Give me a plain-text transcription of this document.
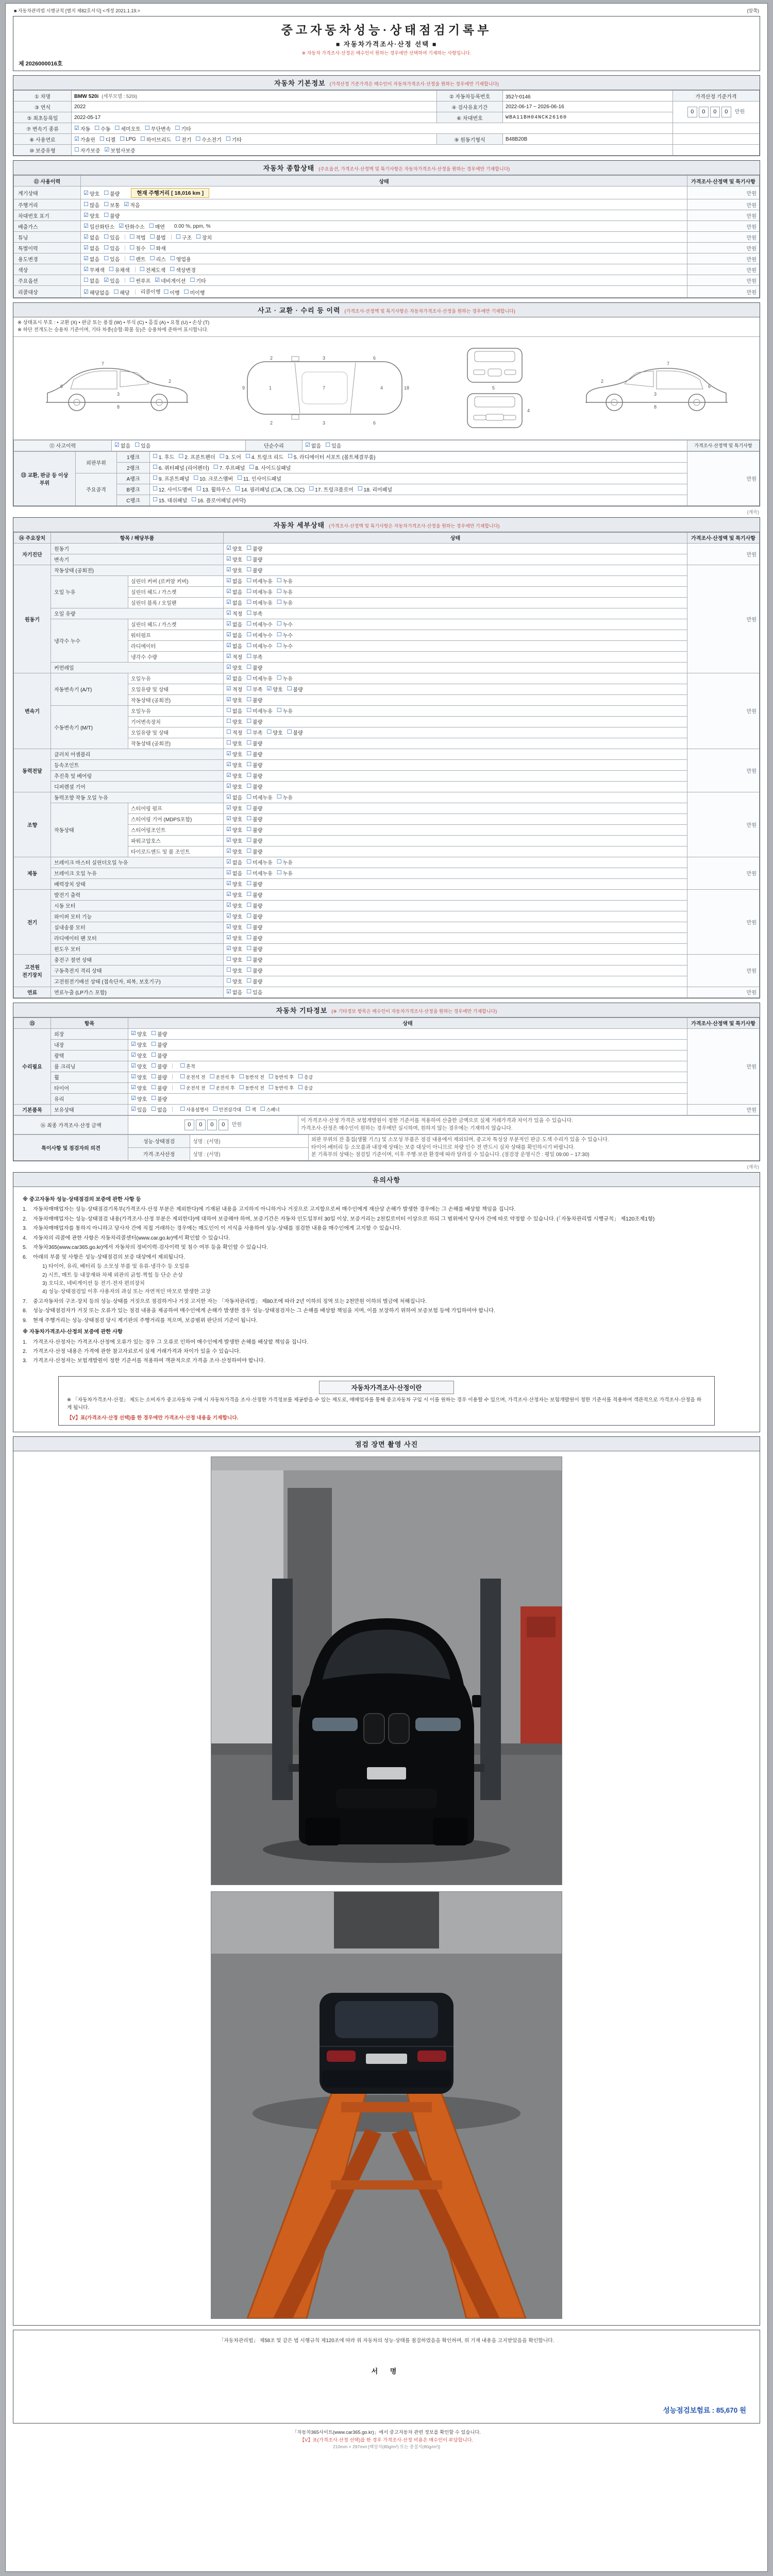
■ 자동차관리법 시행규칙 [별지 제82호서식] <개정 2021.1.19.>	(앞쪽)
중고자동차성능·상태점검기록부
■ 자동차가격조사·산정 선택 ■
※ 자동차 가격조사·산정은 매수인이 원하는 경우에만 선택하여 기재하는 사항입니다.
제 2026000016호
자동차 기본정보 (가격산정 기준가격은 매수인이 자동차가격조사·산정을 원하는 경우에만 기재합니다)
① 차명	BMW 520i (세부모델 : 520i)	② 자동차등록번호	352누0146	가격산정 기준가격
③ 연식	2022	④ 검사유효기간	2022-06-17 ~ 2026-06-16	0 0 0 0 만원
⑤ 최초등록일	2022-05-17	⑥ 차대번호	WBA11BH04NCK26160	
⑦ 변속기 종류	☑ 자동 ☐ 수동 ☐ 세미오토 ☐ 무단변속 ☐ 기타

⑧ 사용연료	☑ 가솔린 ☐ 디젤 ☐ LPG ☐ 하이브리드 ☐ 전기 ☐ 수소전기 ☐ 기타	⑨ 원동기형식	B48B20B	
⑩ 보증유형	☐ 자가보증 ☑ 보험사보증			

자동차 종합상태 (주요옵션, 가격조사·산정액 및 특기사항은 자동차가격조사·산정을 원하는 경우에만 기재합니다)
⑪ 사용이력	상태	가격조사·산정액 및 특기사항
계기상태	☑ 양호 ☐ 불량 현재 주행거리 [ 18,016 km ]	만원
주행거리	☐ 많음 ☐ 보통 ☑ 적음	만원
차대번호 표기	☑ 양호 ☐ 불량	만원
배출가스	☑ 일산화탄소 ☑ 탄화수소 ☐ 매연 0.00 %, ppm, %	만원
튜닝	☑ 없음 ☐ 있음 ☐ 적법 ☐ 불법 ☐ 구조 ☐ 장치	만원
특별이력	☑ 없음 ☐ 있음 ☐ 침수 ☐ 화재	만원
용도변경	☑ 없음 ☐ 있음 ☐ 렌트 ☐ 리스 ☐ 영업용	만원
색상	☑ 무채색 ☐ 유채색 ☐ 전체도색 ☐ 색상변경	만원
주요옵션	☐ 없음 ☑ 있음 ☐ 썬루프 ☑ 네비게이션 ☐ 기타	만원
리콜대상	☑ 해당없음 ☐ 해당 리콜이행 ☐ 이행 ☐ 미이행	만원
사고 · 교환 · 수리 등 이력 (가격조사·산정액 및 특기사항은 자동차가격조사·산정을 원하는 경우에만 기재합니다)
※ 상태표시 부호 : • 교환 (X) • 판금 또는 용접 (W) • 부식 (C) • 흠집 (A) • 요철 (U) • 손상 (T)
※ 하단 전개도는 승용차 기준이며, 기타 차종(승합·화물 등)은 승용차에 준하여 표시합니다.
7
6
3
2
8
1	7	4
2	3	6
2	3	6
9	18	5
4
7
6
3
2
8
⑫ 사고이력	☑ 없음 ☐ 있음	단순수리	☑ 없음 ☐ 있음	가격조사·산정액 및 특기사항
⑬ 교환, 판금 등 이상 부위	외판부위	1랭크	☐ 1. 후드 ☐ 2. 프론트펜더 ☐ 3. 도어 ☐ 4. 트렁크 리드 ☐ 5. 라디에이터 서포트 (볼트체결부품)
	만원
2랭크	☐ 6. 쿼터패널 (리어펜더) ☐ 7. 루프패널 ☐ 8. 사이드실패널

주요골격	A랭크	☐ 9. 프론트패널 ☐ 10. 크로스멤버 ☐ 11. 인사이드패널

B랭크	☐ 12. 사이드멤버 ☐ 13. 휠하우스 ☐ 14. 필러패널 (☐A, ☐B, ☐C) ☐ 17. 트렁크플로어 ☐ 18. 리어패널

		C랭크	☐ 15. 대쉬패널 ☐ 16. 플로어패널 (바닥)	
(계속)
자동차 세부상태 (가격조사·산정액 및 특기사항은 자동차가격조사·산정을 원하는 경우에만 기재합니다)
⑭ 주요장치	항목 / 해당부품		상태	가격조사·산정액 및 특기사항
자기진단	원동기		☑ 양호 ☐ 불량	만원
	변속기		☑ 양호 ☐ 불량	

원동기	작동상태 (공회전)		☑ 양호 ☐ 불량	만원
오일 누유	실린더 커버 (로커암 커버)	☑ 없음 ☐ 미세누유 ☐ 누유

실린더 헤드 / 가스켓	☑ 없음 ☐ 미세누유 ☐ 누유

실린더 블록 / 오일팬	☑ 없음 ☐ 미세누유 ☐ 누유

	오일 유량		☑ 적정 ☐ 부족	

냉각수 누수	실린더 헤드 / 가스켓	☑ 없음 ☐ 미세누수 ☐ 누수

워터펌프	☑ 없음 ☐ 미세누수 ☐ 누수

라디에이터	☑ 없음 ☐ 미세누수 ☐ 누수

		냉각수 수량	☑ 적정 ☐ 부족	

	커먼레일		☑ 양호 ☐ 불량	

변속기	자동변속기 (A/T)	오일누유	☑ 없음 ☐ 미세누유 ☐ 누유
	만원
오일유량 및 상태	☑ 적정 ☐ 부족 ☑ 양호 ☐ 불량

		작동상태 (공회전)	☑ 양호 ☐ 불량	

수동변속기 (M/T)	오일누유	☐ 없음 ☐ 미세누유 ☐ 누유

		기어변속장치	☐ 양호 ☐ 불량	

오일유량 및 상태	☐ 적정 ☐ 부족 ☐ 양호 ☐ 불량

		작동상태 (공회전)	☐ 양호 ☐ 불량	

동력전달	클러치 어셈블리		☑ 양호 ☐ 불량	만원
	등속조인트		☑ 양호 ☐ 불량	

	추진축 및 베어링		☑ 양호 ☐ 불량	

	디퍼렌셜 기어		☑ 양호 ☐ 불량	

조향	동력조향 작동 오일 누유	☑ 없음 ☐ 미세누유 ☐ 누유
	만원
	작동상태	스티어링 펌프	☑ 양호 ☐ 불량	

		스티어링 기어 (MDPS포함)	☑ 양호 ☐ 불량	

		스티어링조인트	☑ 양호 ☐ 불량	

		파워고압호스	☑ 양호 ☐ 불량	

		타이로드엔드 및 볼 조인트	☑ 양호 ☐ 불량	

제동	브레이크 마스터 실린더오일 누유	☑ 없음 ☐ 미세누유 ☐ 누유
	만원
브레이크 오일 누유	☑ 없음 ☐ 미세누유 ☐ 누유

	배력장치 상태		☑ 양호 ☐ 불량	

전기	발전기 출력		☑ 양호 ☐ 불량	만원
	시동 모터		☑ 양호 ☐ 불량	

	와이퍼 모터 기능		☑ 양호 ☐ 불량	

	실내송풍 모터		☑ 양호 ☐ 불량	

	라디에이터 팬 모터		☑ 양호 ☐ 불량	

	윈도우 모터		☑ 양호 ☐ 불량	

고전원 전기장치	충전구 절연 상태		☐ 양호 ☐ 불량	만원
	구동축전지 격리 상태		☐ 양호 ☐ 불량	

	고전원전기배선 상태 (접속단자, 피복, 보호기구)		☐ 양호 ☐ 불량	

연료	연료누출 (LP가스 포함)		☑ 없음 ☐ 있음	만원
자동차 기타정보 (※ 기타정보 항목은 매수인이 자동차가격조사·산정을 원하는 경우에만 기재합니다)
⑮	항목	상태	가격조사·산정액 및 특기사항
수리필요	외장	☑ 양호 ☐ 불량	만원
	내장	☑ 양호 ☐ 불량	

	광택	☑ 양호 ☐ 불량	

룸 크리닝	☑ 양호 ☐ 불량 ☐ 흔적

휠	☑ 양호 ☐ 불량 ☐ 운전석 전 ☐ 운전석 후 ☐ 동반석 전 ☐ 동반석 후 ☐ 응급

타이어	☑ 양호 ☐ 불량 ☐ 운전석 전 ☐ 운전석 후 ☐ 동반석 전 ☐ 동반석 후 ☐ 응급

	유리	☑ 양호 ☐ 불량	

기본품목	보유상태	☑ 있음 ☐ 없음 ☐ 사용설명서 ☐ 안전삼각대 ☐ 잭 ☐ 스패너	만원
⑯ 최종 가격조사·산정 금액	0 0 0 0 만원	
이 가격조사·산정 가격은 보험개발원이 정한 기준서를 적용하여 산출한 금액으로 실제 거래가격과 차이가 있을 수 있습니다.
가격조사·산정은 매수인이 원하는 경우에만 실시하며, 원하지 않는 경우에는 기재하지 않습니다.
특이사항 및 점검자의 의견	성능·상태점검	성명 : (서명)	외판 부위의 잔 흠집(생활 기스) 및 소모성 부품은 점검 내용에서 제외되며, 중고차 특성상 부분적인 판금·도색 수리가 있을 수 있습니다.
타이어·배터리 등 소모품과 내장재 상태는 보증 대상이 아니므로 차량 인수 전 반드시 실차 상태를 확인하시기 바랍니다.
본 기록부의 상태는 점검일 기준이며, 이후 주행·보관 환경에 따라 달라질 수 있습니다. (점검장 운영시간 : 평일 09:00 ~ 17:30)

	가격·조사산정	성명 : (서명)	
(계속)
유의사항
※ 중고자동차 성능·상태점검의 보증에 관한 사항 등
1.	자동차매매업자는 성능·상태점검기록부(가격조사·산정 부분은 제외한다)에 기재된 내용을 고지하지 아니하거나 거짓으로 고지함으로써 매수인에게 재산상 손해가 발생한 경우에는 그 손해를 배상할 책임을 집니다.
2.	자동차매매업자는 성능·상태점검 내용(가격조사·산정 부분은 제외한다)에 대하여 보증해야 하며, 보증기간은 자동차 인도일부터 30일 이상, 보증거리는 2천킬로미터 이상으로 하되 그 범위에서 당사자 간에 따로 약정할 수 있습니다. (「자동차관리법 시행규칙」 제120조제1항)
3.	자동차매매업자를 통하지 아니하고 당사자 간에 직접 거래하는 경우에는 매도인이 이 서식을 사용하여 성능·상태를 점검한 내용을 매수인에게 고지할 수 있습니다.
4.	자동차의 리콜에 관한 사항은 자동차리콜센터(www.car.go.kr)에서 확인할 수 있습니다.
5.	자동차365(www.car365.go.kr)에서 자동차의 정비이력·검사이력 및 침수 여부 등을 확인할 수 있습니다.
6.	아래의 부품 및 사항은 성능·상태점검의 보증 대상에서 제외됩니다.
1) 타이어, 유리, 배터리 등 소모성 부품 및 유류·냉각수 등 오일류
2) 시트, 매트 등 내장재와 차체 외관의 긁힘·찍힘 등 단순 손상
3) 오디오, 네비게이션 등 전기·전자 편의장치
4) 성능·상태점검일 이후 사용자의 과실 또는 자연적인 마모로 발생한 고장
7.	중고자동차의 구조·장치 등의 성능·상태를 거짓으로 점검하거나 거짓 고지한 자는 「자동차관리법」 제80조에 따라 2년 이하의 징역 또는 2천만원 이하의 벌금에 처해집니다.
8.	성능·상태점검자가 거짓 또는 오류가 있는 점검 내용을 제공하여 매수인에게 손해가 발생한 경우 성능·상태점검자는 그 손해를 배상할 책임을 지며, 이를 보장하기 위하여 보증보험 등에 가입하여야 합니다.
9.	현재 주행거리는 성능·상태점검 당시 계기판의 주행거리를 적으며, 보증범위 판단의 기준이 됩니다.
※ 자동차가격조사·산정의 보증에 관한 사항
1.	가격조사·산정자는 가격조사·산정에 오류가 있는 경우 그 오류로 인하여 매수인에게 발생한 손해를 배상할 책임을 집니다.
2.	가격조사·산정 내용은 가격에 관한 참고자료로서 실제 거래가격과 차이가 있을 수 있습니다.
3.	가격조사·산정자는 보험개발원이 정한 기준서를 적용하여 객관적으로 가격을 조사·산정하여야 합니다.
자동차가격조사·산정이란
※ 「자동차가격조사·산정」 제도는 소비자가 중고자동차 구매 시 자동차가격을 조사·산정한 가격정보를 제공받을 수 있는 제도로, 매매업자를 통해 중고자동차 구입 시 이를 원하는 경우 이용할 수 있으며, 가격조사·산정자는 보험개발원이 정한 기준서를 적용하여 객관적으로 가격조사·산정을 하게 됩니다.
【V】표(가격조사·산정 선택)를 한 경우에만 가격조사·산정 내용을 기재합니다.
점검 장면 촬영 사진
「자동차관리법」 제58조 및 같은 법 시행규칙 제120조에 따라 위 자동차의 성능·상태를 점검하였음을 확인하며, 위 기재 내용을 고지받았음을 확인합니다.
서 명
성능점검보험료 : 85,670 원
「자동차365사이트(www.car365.go.kr)」에서 중고자동차 관련 정보를 확인할 수 있습니다.
【V】표(가격조사·산정 선택)를 한 경우 가격조사·산정 비용은 매수인이 부담합니다.
210mm × 297mm [백상지(80g/m²) 또는 중질지(80g/m²)]
